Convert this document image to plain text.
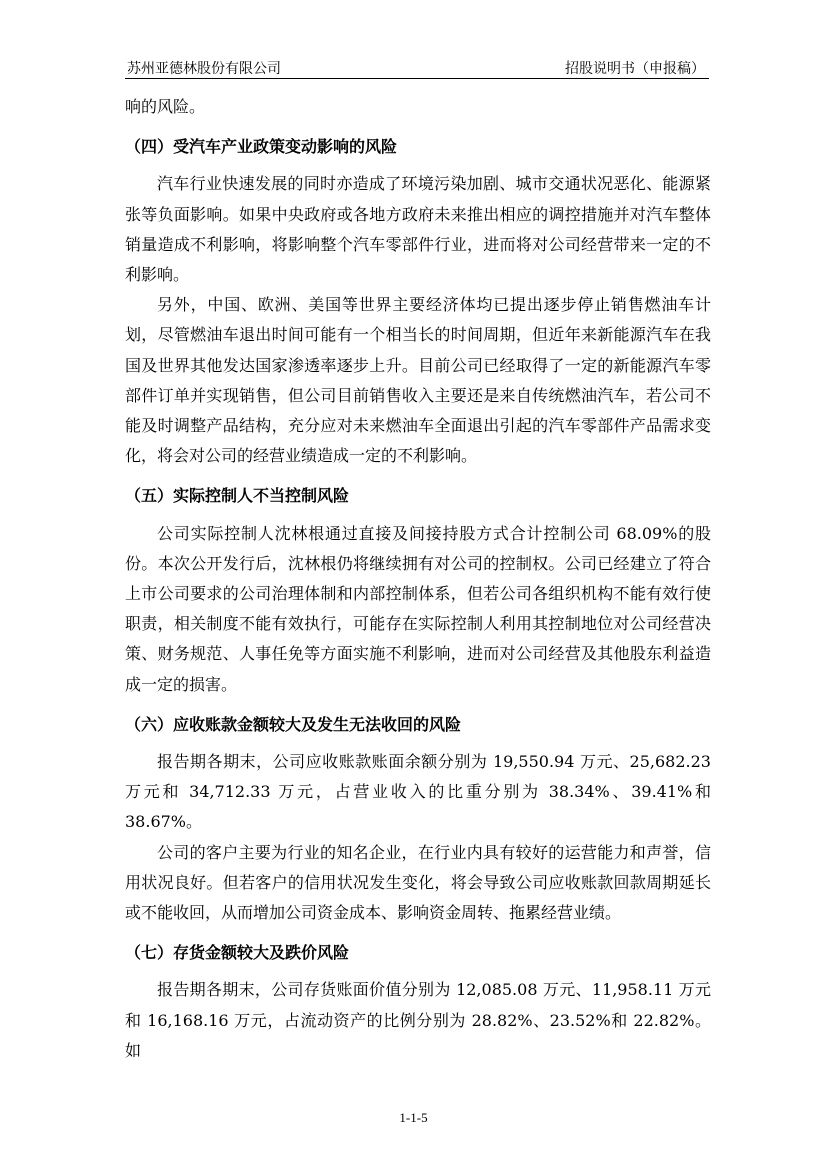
苏州亚德林股份有限公司	招股说明书（申报稿）

响的风险。

（四）受汽车产业政策变动影响的风险

汽车行业快速发展的同时亦造成了环境污染加剧、城市交通状况恶化、能源紧张等负面影响。如果中央政府或各地方政府未来推出相应的调控措施并对汽车整体销量造成不利影响，将影响整个汽车零部件行业，进而将对公司经营带来一定的不利影响。

另外，中国、欧洲、美国等世界主要经济体均已提出逐步停止销售燃油车计划，尽管燃油车退出时间可能有一个相当长的时间周期，但近年来新能源汽车在我国及世界其他发达国家渗透率逐步上升。目前公司已经取得了一定的新能源汽车零部件订单并实现销售，但公司目前销售收入主要还是来自传统燃油汽车，若公司不能及时调整产品结构，充分应对未来燃油车全面退出引起的汽车零部件产品需求变化，将会对公司的经营业绩造成一定的不利影响。

（五）实际控制人不当控制风险

公司实际控制人沈林根通过直接及间接持股方式合计控制公司 68.09%的股份。本次公开发行后，沈林根仍将继续拥有对公司的控制权。公司已经建立了符合上市公司要求的公司治理体制和内部控制体系，但若公司各组织机构不能有效行使职责，相关制度不能有效执行，可能存在实际控制人利用其控制地位对公司经营决策、财务规范、人事任免等方面实施不利影响，进而对公司经营及其他股东利益造成一定的损害。

（六）应收账款金额较大及发生无法收回的风险

报告期各期末，公司应收账款账面余额分别为 19,550.94 万元、25,682.23 万元和 34,712.33 万元，占营业收入的比重分别为 38.34%、39.41%和 38.67%。

公司的客户主要为行业的知名企业，在行业内具有较好的运营能力和声誉，信用状况良好。但若客户的信用状况发生变化，将会导致公司应收账款回款周期延长或不能收回，从而增加公司资金成本、影响资金周转、拖累经营业绩。

（七）存货金额较大及跌价风险

报告期各期末，公司存货账面价值分别为 12,085.08 万元、11,958.11 万元和 16,168.16 万元，占流动资产的比例分别为 28.82%、23.52%和 22.82%。如

1-1-5
